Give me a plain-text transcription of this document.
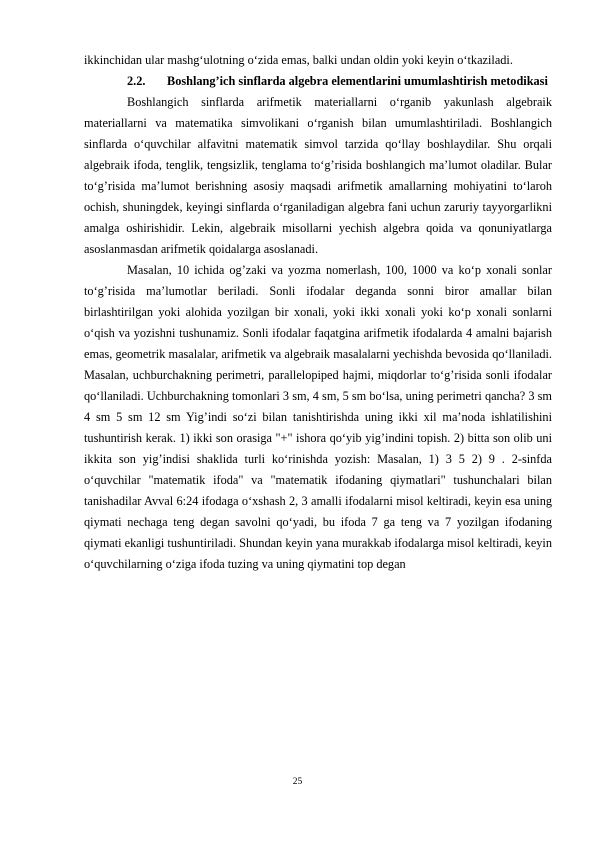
ikkinchidan ular mashg‘ulotning o‘zida emas, balki undan oldin yoki keyin o‘tkaziladi.

2.2. Boshlang’ich sinflarda algebra elementlarini umumlashtirish metodikasi

Boshlangich sinflarda arifmetik materiallarni o‘rganib yakunlash algebraik materiallarni va matematika simvolikani o‘rganish bilan umumlashtiriladi. Boshlangich sinflarda o‘quvchilar alfavitni matematik simvol tarzida qo‘llay boshlaydilar. Shu orqali algebraik ifoda, tenglik, tengsizlik, tenglama to‘g’risida boshlangich ma’lumot oladilar. Bular to‘g’risida ma’lumot berishning asosiy maqsadi arifmetik amallarning mohiyatini to‘laroh ochish, shuningdek, keyingi sinflarda o‘rganiladigan algebra fani uchun zaruriy tayyorgarlikni amalga oshirishidir. Lekin, algebraik misollarni yechish algebra qoida va qonuniyatlarga asoslanmasdan arifmetik qoidalarga asoslanadi.

Masalan, 10 ichida og’zaki va yozma nomerlash, 100, 1000 va ko‘p xonali sonlar to‘g’risida ma’lumotlar beriladi. Sonli ifodalar deganda sonni biror amallar bilan birlashtirilgan yoki alohida yozilgan bir xonali, yoki ikki xonali yoki ko‘p xonali sonlarni o‘qish va yozishni tushunamiz. Sonli ifodalar faqatgina arifmetik ifodalarda 4 amalni bajarish emas, geometrik masalalar, arifmetik va algebraik masalalarni yechishda bevosida qo‘llaniladi. Masalan, uchburchakning perimetri, parallelopiped hajmi, miqdorlar to‘g’risida sonli ifodalar qo‘llaniladi. Uchburchakning tomonlari 3 sm, 4 sm, 5 sm bo‘lsa, uning perimetri qancha? 3 sm 4 sm 5 sm 12 sm Yig’indi so‘zi bilan tanishtirishda uning ikki xil ma’noda ishlatilishini tushuntirish kerak. 1) ikki son orasiga "+" ishora qo‘yib yig’indini topish. 2) bitta son olib uni ikkita son yig’indisi shaklida turli ko‘rinishda yozish: Masalan, 1) 3 5 2) 9 . 2-sinfda o‘quvchilar "matematik ifoda" va "matematik ifodaning qiymatlari" tushunchalari bilan tanishadilar Avval 6:24 ifodaga o‘xshash 2, 3 amalli ifodalarni misol keltiradi, keyin esa uning qiymati nechaga teng degan savolni qo‘yadi, bu ifoda 7 ga teng va 7 yozilgan ifodaning qiymati ekanligi tushuntiriladi. Shundan keyin yana murakkab ifodalarga misol keltiradi, keyin o‘quvchilarning o‘ziga ifoda tuzing va uning qiymatini top degan

25
